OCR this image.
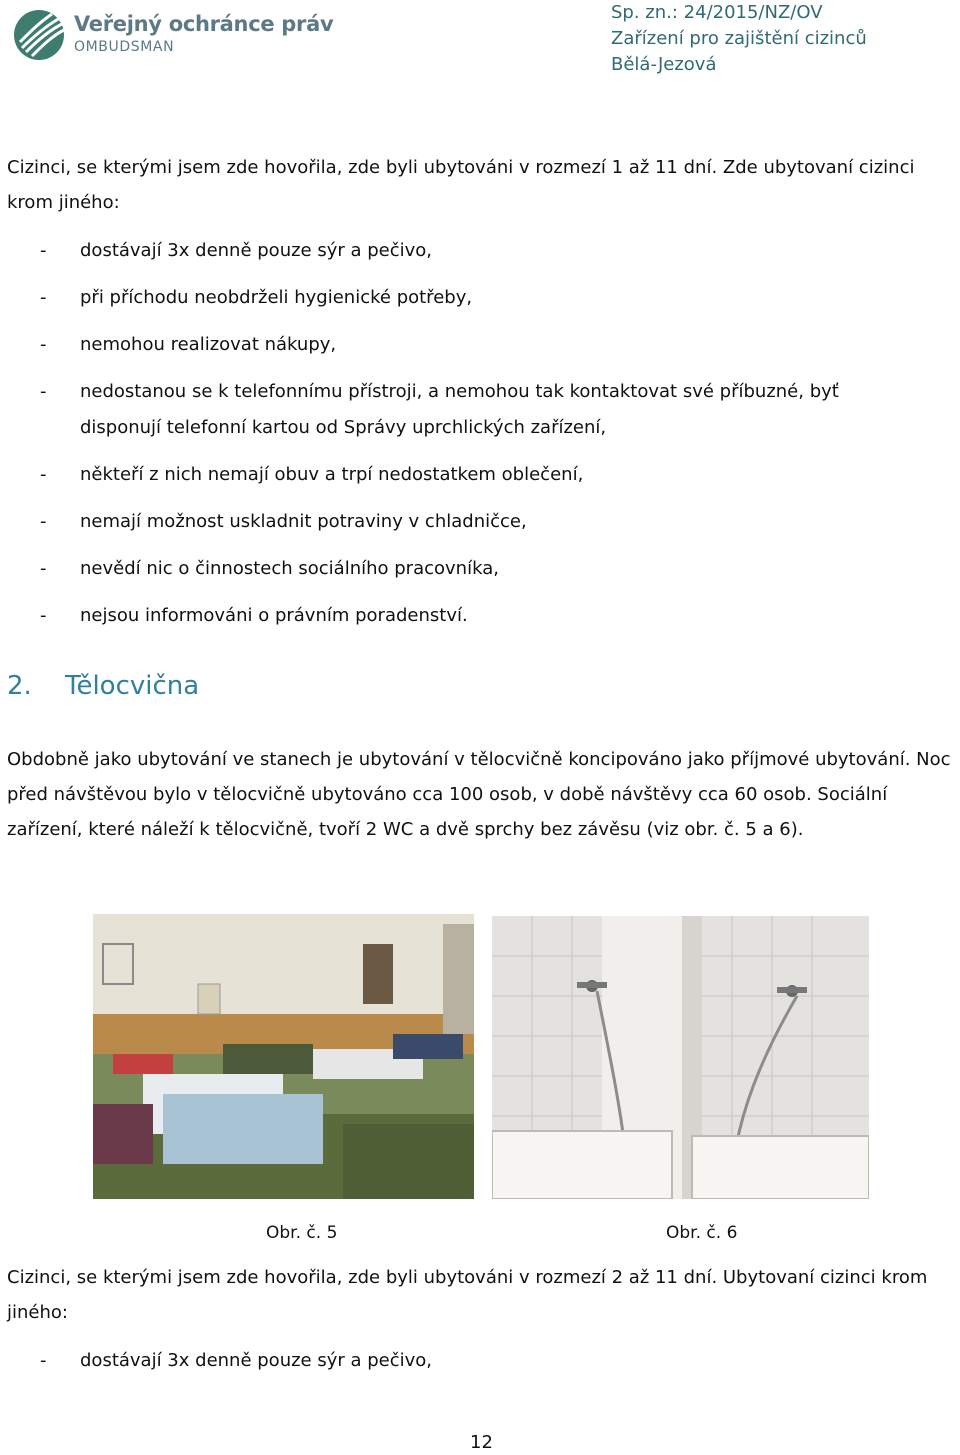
Veřejný ochránce práv
OMBUDSMAN
Sp. zn.: 24/2015/NZ/OV
Zařízení pro zajištění cizinců
Bělá-Jezová
Cizinci, se kterými jsem zde hovořila, zde byli ubytováni v rozmezí 1 až 11 dní. Zde ubytovaní cizinci krom jiného:
- dostávají 3x denně pouze sýr a pečivo,
- při příchodu neobdrželi hygienické potřeby,
- nemohou realizovat nákupy,
- nedostanou se k telefonnímu přístroji, a nemohou tak kontaktovat své příbuzné, byť disponují telefonní kartou od Správy uprchlických zařízení,
- někteří z nich nemají obuv a trpí nedostatkem oblečení,
- nemají možnost uskladnit potraviny v chladničce,
- nevědí nic o činnostech sociálního pracovníka,
- nejsou informováni o právním poradenství.
2. Tělocvična
Obdobně jako ubytování ve stanech je ubytování v tělocvičně koncipováno jako příjmové ubytování. Noc před návštěvou bylo v tělocvičně ubytováno cca 100 osob, v době návštěvy cca 60 osob. Sociální zařízení, které náleží k tělocvičně, tvoří 2 WC a dvě sprchy bez závěsu (viz obr. č. 5 a 6).
Obr. č. 5	Obr. č. 6
Cizinci, se kterými jsem zde hovořila, zde byli ubytováni v rozmezí 2 až 11 dní. Ubytovaní cizinci krom jiného:
- dostávají 3x denně pouze sýr a pečivo,
12
